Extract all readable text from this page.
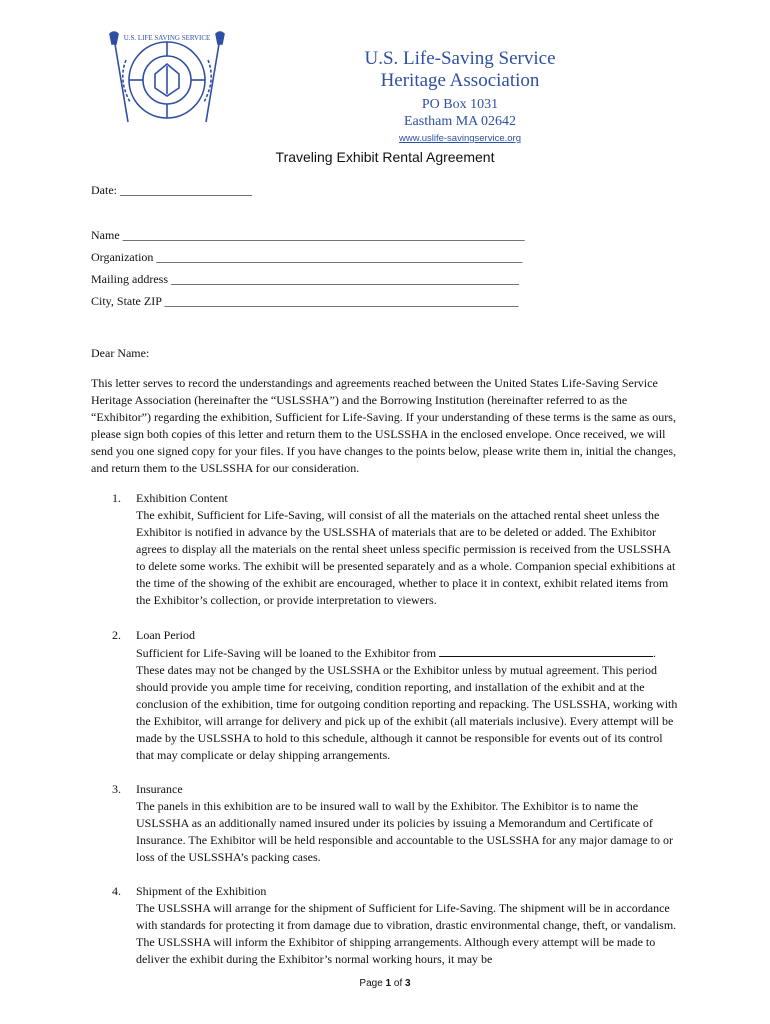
U.S. LIFE SAVING SERVICE
U.S. Life-Saving Service
Heritage Association
PO Box 1031
Eastham MA 02642
www.uslife-savingservice.org
Traveling Exhibit Rental Agreement
Date: ______________________
Name ___________________________________________________________________
Organization _____________________________________________________________
Mailing address __________________________________________________________
City, State ZIP ___________________________________________________________
Dear Name:
This letter serves to record the understandings and agreements reached between the United States Life-Saving Service Heritage Association (hereinafter the “USLSSHA”) and the Borrowing Institution (hereinafter referred to as the “Exhibitor”) regarding the exhibition, Sufficient for Life-Saving. If your understanding of these terms is the same as ours, please sign both copies of this letter and return them to the USLSSHA in the enclosed envelope. Once received, we will send you one signed copy for your files. If you have changes to the points below, please write them in, initial the changes, and return them to the USLSSHA for our consideration.
1. Exhibition Content
The exhibit, Sufficient for Life-Saving, will consist of all the materials on the attached rental sheet unless the Exhibitor is notified in advance by the USLSSHA of materials that are to be deleted or added. The Exhibitor agrees to display all the materials on the rental sheet unless specific permission is received from the USLSSHA to delete some works. The exhibit will be presented separately and as a whole. Companion special exhibitions at the time of the showing of the exhibit are encouraged, whether to place it in context, exhibit related items from the Exhibitor’s collection, or provide interpretation to viewers.
2. Loan Period
Sufficient for Life-Saving will be loaned to the Exhibitor from	. These dates may not be changed by the USLSSHA or the Exhibitor unless by mutual agreement. This period should provide you ample time for receiving, condition reporting, and installation of the exhibit and at the conclusion of the exhibition, time for outgoing condition reporting and repacking. The USLSSHA, working with the Exhibitor, will arrange for delivery and pick up of the exhibit (all materials inclusive). Every attempt will be made by the USLSSHA to hold to this schedule, although it cannot be responsible for events out of its control that may complicate or delay shipping arrangements.
3. Insurance
The panels in this exhibition are to be insured wall to wall by the Exhibitor. The Exhibitor is to name the USLSSHA as an additionally named insured under its policies by issuing a Memorandum and Certificate of Insurance. The Exhibitor will be held responsible and accountable to the USLSSHA for any major damage to or loss of the USLSSHA’s packing cases.
4. Shipment of the Exhibition
The USLSSHA will arrange for the shipment of Sufficient for Life-Saving. The shipment will be in accordance with standards for protecting it from damage due to vibration, drastic environmental change, theft, or vandalism. The USLSSHA will inform the Exhibitor of shipping arrangements. Although every attempt will be made to deliver the exhibit during the Exhibitor’s normal working hours, it may be
Page 1 of 3
